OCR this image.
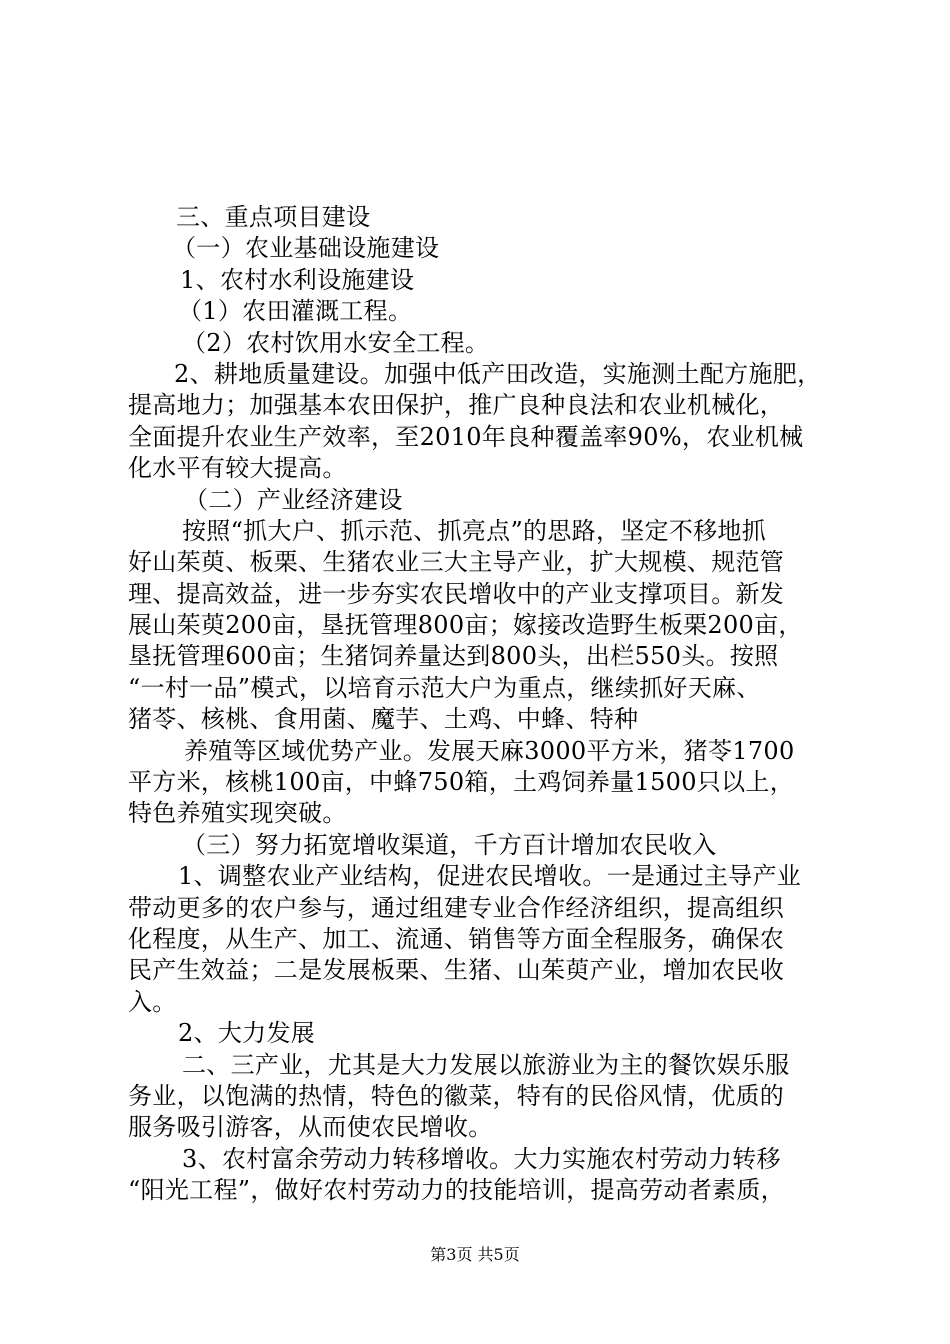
三、重点项目建设
（一）农业基础设施建设
1、农村水利设施建设
（1）农田灌溉工程。
（2）农村饮用水安全工程。
2、耕地质量建设。加强中低产田改造，实施测土配方施肥，
提高地力；加强基本农田保护，推广良种良法和农业机械化，
全面提升农业生产效率，至2010年良种覆盖率90%，农业机械
化水平有较大提高。
（二）产业经济建设
按照“抓大户、抓示范、抓亮点”的思路，坚定不移地抓
好山茱萸、板栗、生猪农业三大主导产业，扩大规模、规范管
理、提高效益，进一步夯实农民增收中的产业支撑项目。新发
展山茱萸200亩，垦抚管理800亩；嫁接改造野生板栗200亩，
垦抚管理600亩；生猪饲养量达到800头，出栏550头。按照
“一村一品”模式，以培育示范大户为重点，继续抓好天麻、
猪苓、核桃、食用菌、魔芋、土鸡、中蜂、特种
养殖等区域优势产业。发展天麻3000平方米，猪苓1700
平方米，核桃100亩，中蜂750箱，土鸡饲养量1500只以上，
特色养殖实现突破。
（三）努力拓宽增收渠道，千方百计增加农民收入
1、调整农业产业结构，促进农民增收。一是通过主导产业
带动更多的农户参与，通过组建专业合作经济组织，提高组织
化程度，从生产、加工、流通、销售等方面全程服务，确保农
民产生效益；二是发展板栗、生猪、山茱萸产业，增加农民收
入。
2、大力发展
二、三产业，尤其是大力发展以旅游业为主的餐饮娱乐服
务业，以饱满的热情，特色的徽菜，特有的民俗风情，优质的
服务吸引游客，从而使农民增收。
3、农村富余劳动力转移增收。大力实施农村劳动力转移
“阳光工程”，做好农村劳动力的技能培训，提高劳动者素质，
第3页 共5页
